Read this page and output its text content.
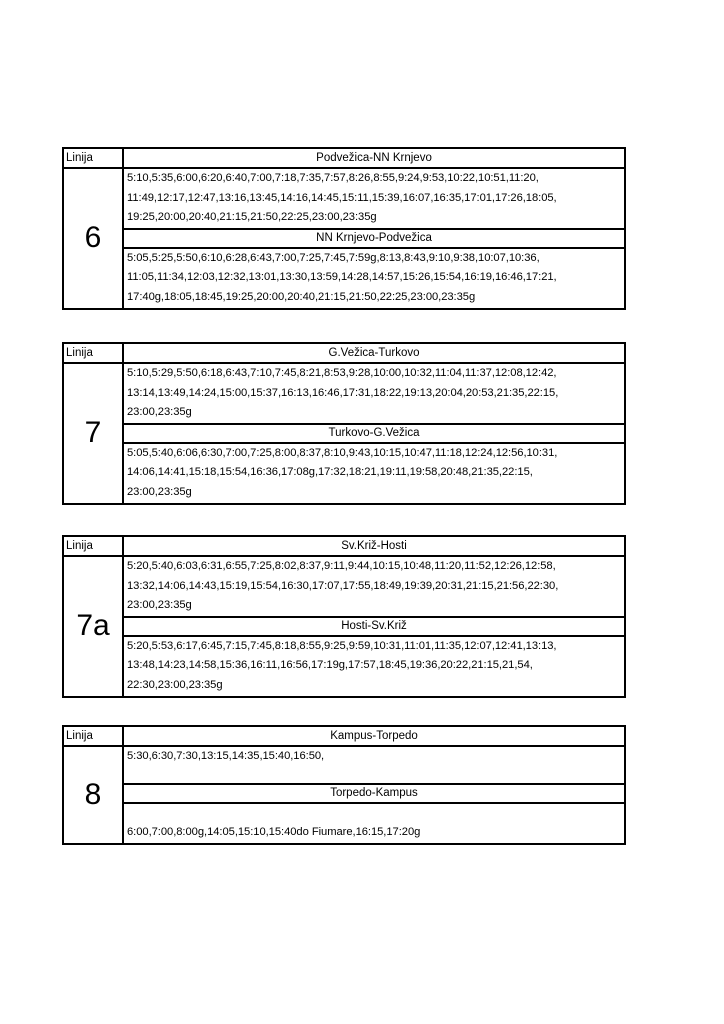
Linija	Podvežica-NN Krnjevo
6
5:10,5:35,6:00,6:20,6:40,7:00,7:18,7:35,7:57,8:26,8:55,9:24,9:53,10:22,10:51,11:20,
11:49,12:17,12:47,13:16,13:45,14:16,14:45,15:11,15:39,16:07,16:35,17:01,17:26,18:05,
19:25,20:00,20:40,21:15,21:50,22:25,23:00,23:35g
NN Krnjevo-Podvežica
5:05,5:25,5:50,6:10,6:28,6:43,7:00,7:25,7:45,7:59g,8:13,8:43,9:10,9:38,10:07,10:36,
11:05,11:34,12:03,12:32,13:01,13:30,13:59,14:28,14:57,15:26,15:54,16:19,16:46,17:21,
17:40g,18:05,18:45,19:25,20:00,20:40,21:15,21:50,22:25,23:00,23:35g
Linija	G.Vežica-Turkovo
7
5:10,5:29,5:50,6:18,6:43,7:10,7:45,8:21,8:53,9:28,10:00,10:32,11:04,11:37,12:08,12:42,
13:14,13:49,14:24,15:00,15:37,16:13,16:46,17:31,18:22,19:13,20:04,20:53,21:35,22:15,
23:00,23:35g
Turkovo-G.Vežica
5:05,5:40,6:06,6:30,7:00,7:25,8:00,8:37,8:10,9:43,10:15,10:47,11:18,12:24,12:56,10:31,
14:06,14:41,15:18,15:54,16:36,17:08g,17:32,18:21,19:11,19:58,20:48,21:35,22:15,
23:00,23:35g
Linija	Sv.Križ-Hosti
7a
5:20,5:40,6:03,6:31,6:55,7:25,8:02,8:37,9:11,9:44,10:15,10:48,11:20,11:52,12:26,12:58,
13:32,14:06,14:43,15:19,15:54,16:30,17:07,17:55,18:49,19:39,20:31,21:15,21:56,22:30,
23:00,23:35g
Hosti-Sv.Križ
5:20,5:53,6:17,6:45,7:15,7:45,8:18,8:55,9:25,9:59,10:31,11:01,11:35,12:07,12:41,13:13,
13:48,14:23,14:58,15:36,16:11,16:56,17:19g,17:57,18:45,19:36,20:22,21:15,21,54,
22:30,23:00,23:35g
Linija	Kampus-Torpedo
8
5:30,6:30,7:30,13:15,14:35,15:40,16:50,
Torpedo-Kampus
6:00,7:00,8:00g,14:05,15:10,15:40do Fiumare,16:15,17:20g
